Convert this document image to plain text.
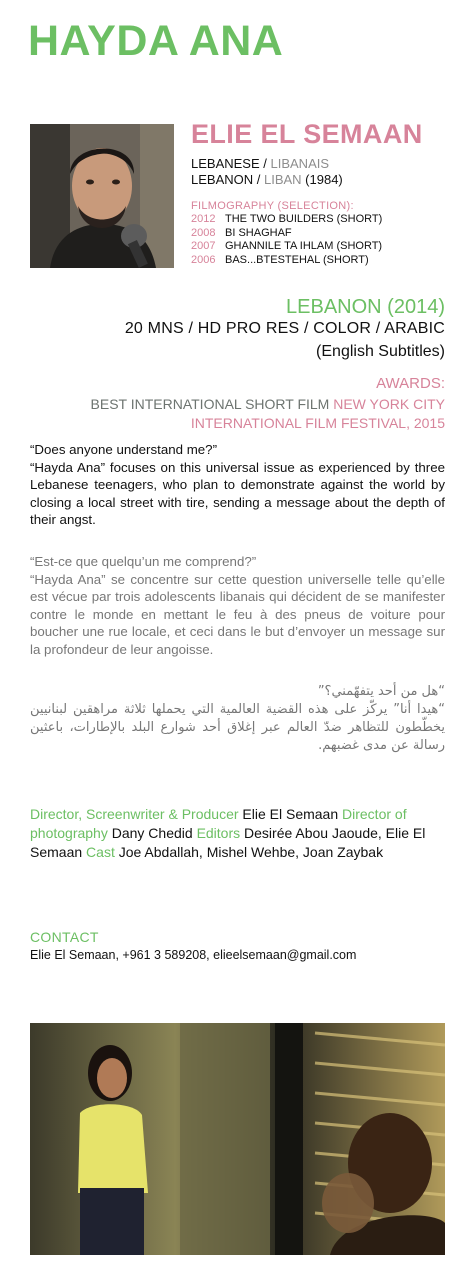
HAYDA ANA
ELIE EL SEMAAN
LEBANESE / LIBANAIS
LEBANON / LIBAN (1984)
FILMOGRAPHY (SELECTION):
2012 THE TWO BUILDERS (SHORT)
2008 BI SHAGHAF
2007 GHANNILE TA IHLAM (SHORT)
2006 BAS...BTESTEHAL (SHORT)
LEBANON (2014)
20 MNS / HD PRO RES / COLOR / ARABIC
(English Subtitles)
AWARDS:
BEST INTERNATIONAL SHORT FILM NEW YORK CITY
INTERNATIONAL FILM FESTIVAL, 2015
“Does anyone understand me?”
“Hayda Ana” focuses on this universal issue as experienced by three Lebanese teenagers, who plan to demonstrate against the world by closing a local street with tire, sending a message about the depth of their angst.
“Est-ce que quelqu’un me comprend?”
“Hayda Ana” se concentre sur cette question universelle telle qu’elle est vécue par trois adolescents libanais qui décident de se manifester contre le monde en mettant le feu à des pneus de voiture pour boucher une rue locale, et ceci dans le but d’envoyer un message sur la profondeur de leur angoisse.
“هل من أحد يتفهّمني؟”
“هيدا أنا” يركّز على هذه القضية العالمية التي يحملها ثلاثة مراهقين لبنانيين يخطّطون للتظاهر ضدّ العالم عبر إغلاق أحد شوارع البلد بالإطارات، باعثين رسالة عن مدى غضبهم.
Director, Screenwriter & Producer Elie El Semaan Director of photography Dany Chedid Editors Desirée Abou Jaoude, Elie El Semaan Cast Joe Abdallah, Mishel Wehbe, Joan Zaybak
CONTACT
Elie El Semaan, +961 3 589208, elieelsemaan@gmail.com
